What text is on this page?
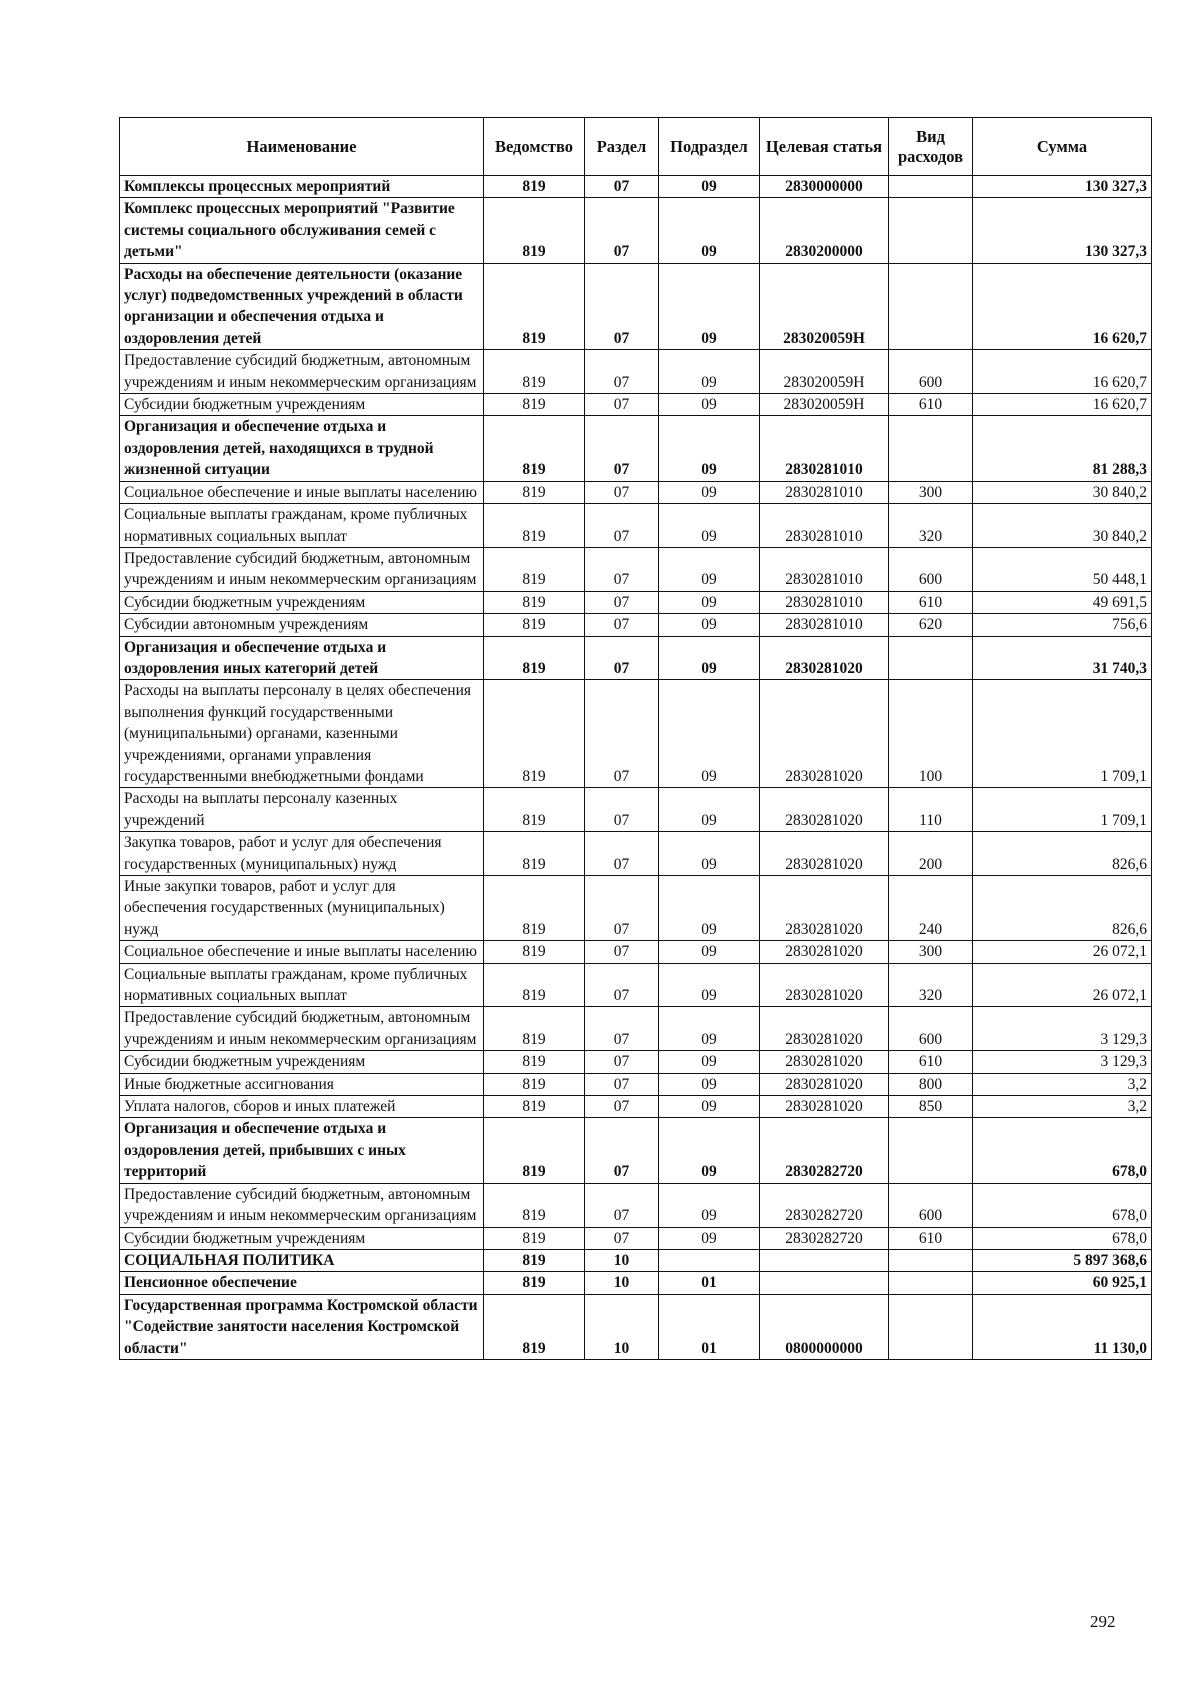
Наименование	Ведомство	Раздел	Подраздел	Целевая статья	Вид расходов	Сумма
Комплексы процессных мероприятий	819	07	09	2830000000		130 327,3
Комплекс процессных мероприятий "Развитие системы социального обслуживания семей с детьми"	819	07	09	2830200000		130 327,3
Расходы на обеспечение деятельности (оказание услуг) подведомственных учреждений в области организации и обеспечения отдыха и оздоровления детей	819	07	09	283020059Н		16 620,7
Предоставление субсидий бюджетным, автономным учреждениям и иным некоммерческим организациям	819	07	09	283020059Н	600	16 620,7
Субсидии бюджетным учреждениям	819	07	09	283020059Н	610	16 620,7
Организация и обеспечение отдыха и оздоровления детей, находящихся в трудной жизненной ситуации	819	07	09	2830281010		81 288,3
Социальное обеспечение и иные выплаты населению	819	07	09	2830281010	300	30 840,2
Социальные выплаты гражданам, кроме публичных нормативных социальных выплат	819	07	09	2830281010	320	30 840,2
Предоставление субсидий бюджетным, автономным учреждениям и иным некоммерческим организациям	819	07	09	2830281010	600	50 448,1
Субсидии бюджетным учреждениям	819	07	09	2830281010	610	49 691,5
Субсидии автономным учреждениям	819	07	09	2830281010	620	756,6
Организация и обеспечение отдыха и оздоровления иных категорий детей	819	07	09	2830281020		31 740,3
Расходы на выплаты персоналу в целях обеспечения выполнения функций государственными (муниципальными) органами, казенными учреждениями, органами управления государственными внебюджетными фондами	819	07	09	2830281020	100	1 709,1
Расходы на выплаты персоналу казенных учреждений	819	07	09	2830281020	110	1 709,1
Закупка товаров, работ и услуг для обеспечения государственных (муниципальных) нужд	819	07	09	2830281020	200	826,6
Иные закупки товаров, работ и услуг для обеспечения государственных (муниципальных) нужд	819	07	09	2830281020	240	826,6
Социальное обеспечение и иные выплаты населению	819	07	09	2830281020	300	26 072,1
Социальные выплаты гражданам, кроме публичных нормативных социальных выплат	819	07	09	2830281020	320	26 072,1
Предоставление субсидий бюджетным, автономным учреждениям и иным некоммерческим организациям	819	07	09	2830281020	600	3 129,3
Субсидии бюджетным учреждениям	819	07	09	2830281020	610	3 129,3
Иные бюджетные ассигнования	819	07	09	2830281020	800	3,2
Уплата налогов, сборов и иных платежей	819	07	09	2830281020	850	3,2
Организация и обеспечение отдыха и оздоровления детей, прибывших с иных территорий	819	07	09	2830282720		678,0
Предоставление субсидий бюджетным, автономным учреждениям и иным некоммерческим организациям	819	07	09	2830282720	600	678,0
Субсидии бюджетным учреждениям	819	07	09	2830282720	610	678,0
СОЦИАЛЬНАЯ ПОЛИТИКА	819	10				5 897 368,6
Пенсионное обеспечение	819	10	01			60 925,1
Государственная программа Костромской области "Содействие занятости населения Костромской области"	819	10	01	0800000000		11 130,0
292
